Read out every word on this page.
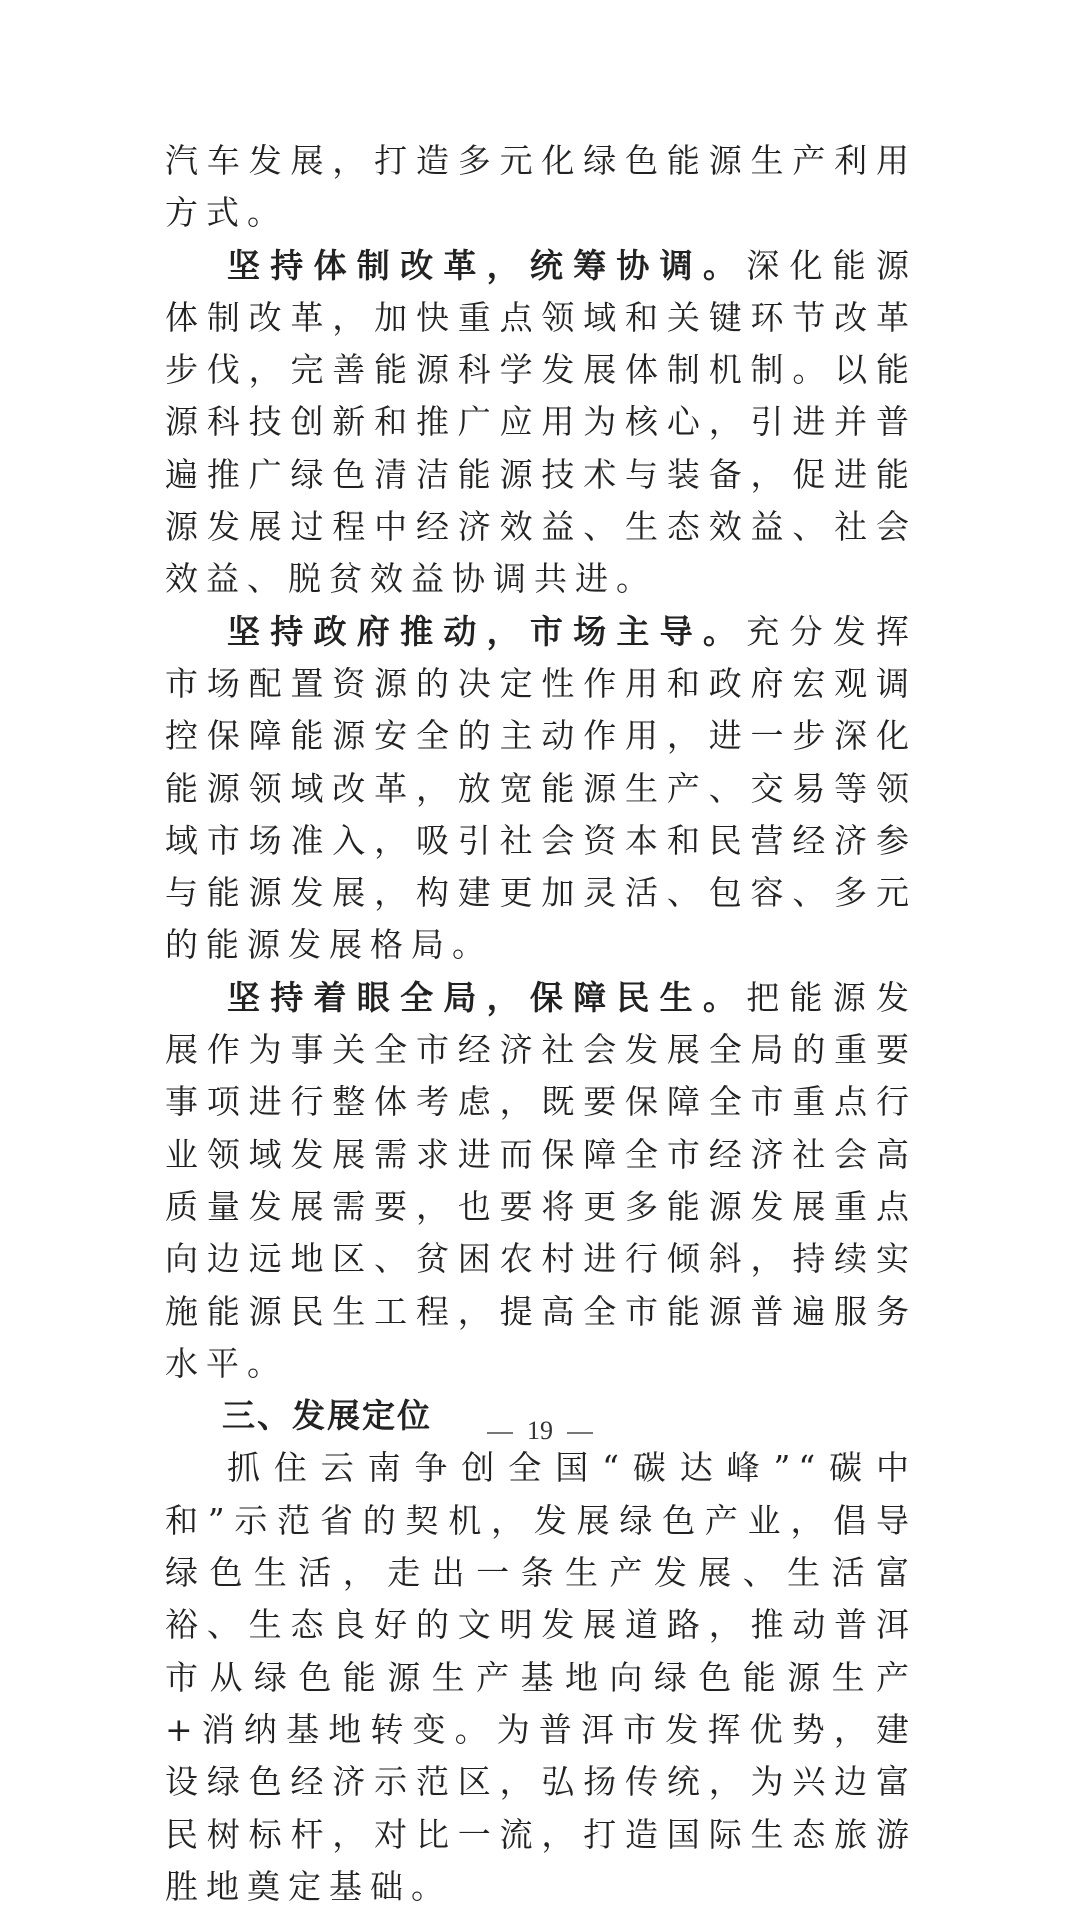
汽车发展，打造多元化绿色能源生产利用方式。

坚持体制改革，统筹协调。深化能源体制改革，加快重点领域和关键环节改革步伐，完善能源科学发展体制机制。以能源科技创新和推广应用为核心，引进并普遍推广绿色清洁能源技术与装备，促进能源发展过程中经济效益、生态效益、社会效益、脱贫效益协调共进。

坚持政府推动，市场主导。充分发挥市场配置资源的决定性作用和政府宏观调控保障能源安全的主动作用，进一步深化能源领域改革，放宽能源生产、交易等领域市场准入，吸引社会资本和民营经济参与能源发展，构建更加灵活、包容、多元的能源发展格局。

坚持着眼全局，保障民生。把能源发展作为事关全市经济社会发展全局的重要事项进行整体考虑，既要保障全市重点行业领域发展需求进而保障全市经济社会高质量发展需要，也要将更多能源发展重点向边远地区、贫困农村进行倾斜，持续实施能源民生工程，提高全市能源普遍服务水平。

三、发展定位

抓住云南争创全国“碳达峰”“碳中和”示范省的契机，发展绿色产业，倡导绿色生活，走出一条生产发展、生活富裕、生态良好的文明发展道路，推动普洱市从绿色能源生产基地向绿色能源生产+消纳基地转变。为普洱市发挥优势，建设绿色经济示范区，弘扬传统，为兴边富民树标杆，对比一流，打造国际生态旅游胜地奠定基础。

19
